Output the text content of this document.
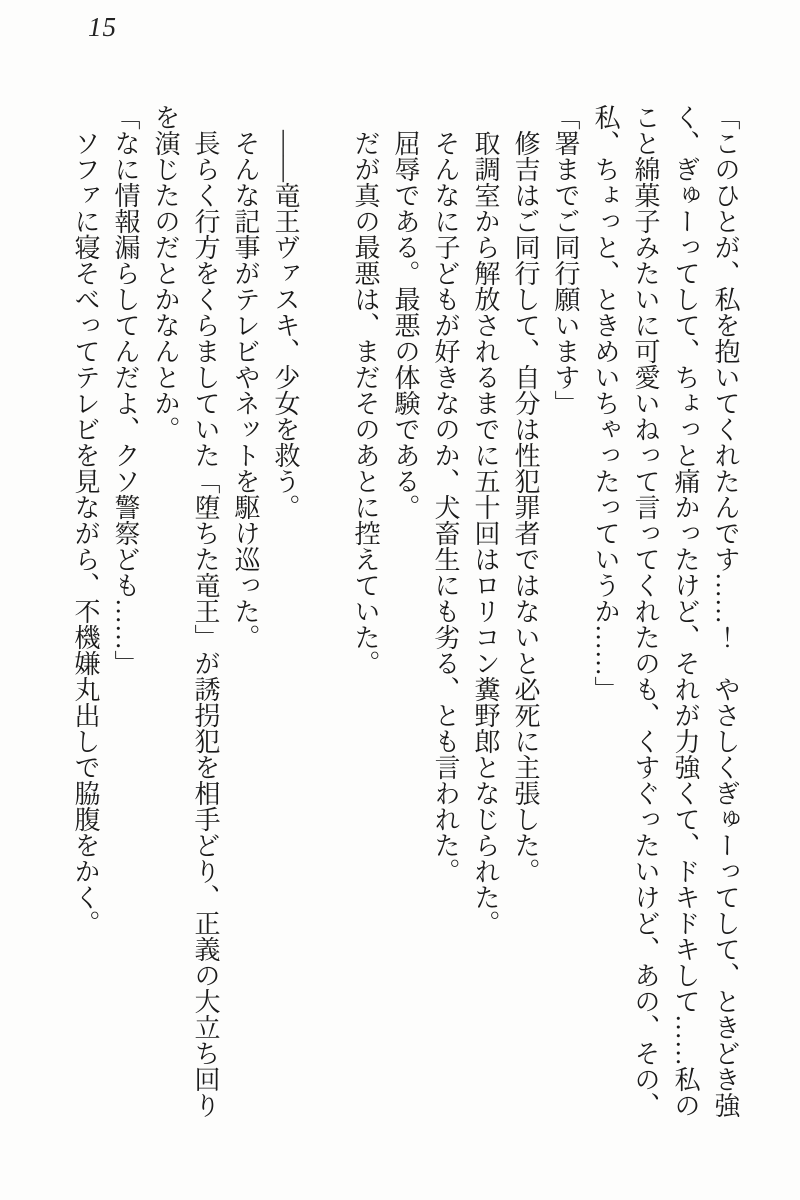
15

「このひとが、私を抱いてくれたんです……！　やさしくぎゅーってして、ときどき強く、ぎゅーってして、ちょっと痛かったけど、それが力強くて、ドキドキして……私のこと綿菓子みたいに可愛いねって言ってくれたのも、くすぐったいけど、あの、その、私、ちょっと、ときめいちゃったっていうか……」

「署までご同行願います」

　修吉はご同行して、自分は性犯罪者ではないと必死に主張した。

　取調室から解放されるまでに五十回はロリコン糞野郎となじられた。

　そんなに子どもが好きなのか、犬畜生にも劣る、とも言われた。

　屈辱である。最悪の体験である。

　だが真の最悪は、まだそのあとに控えていた。

　――竜王ヴァスキ、少女を救う。

　そんな記事がテレビやネットを駆け巡った。

　長らく行方をくらましていた「堕ちた竜王」が誘拐犯を相手どり、正義の大立ち回りを演じたのだとかなんとか。

「なに情報漏らしてんだよ、クソ警察ども……」

　ソファに寝そべってテレビを見ながら、不機嫌丸出しで脇腹をかく。
